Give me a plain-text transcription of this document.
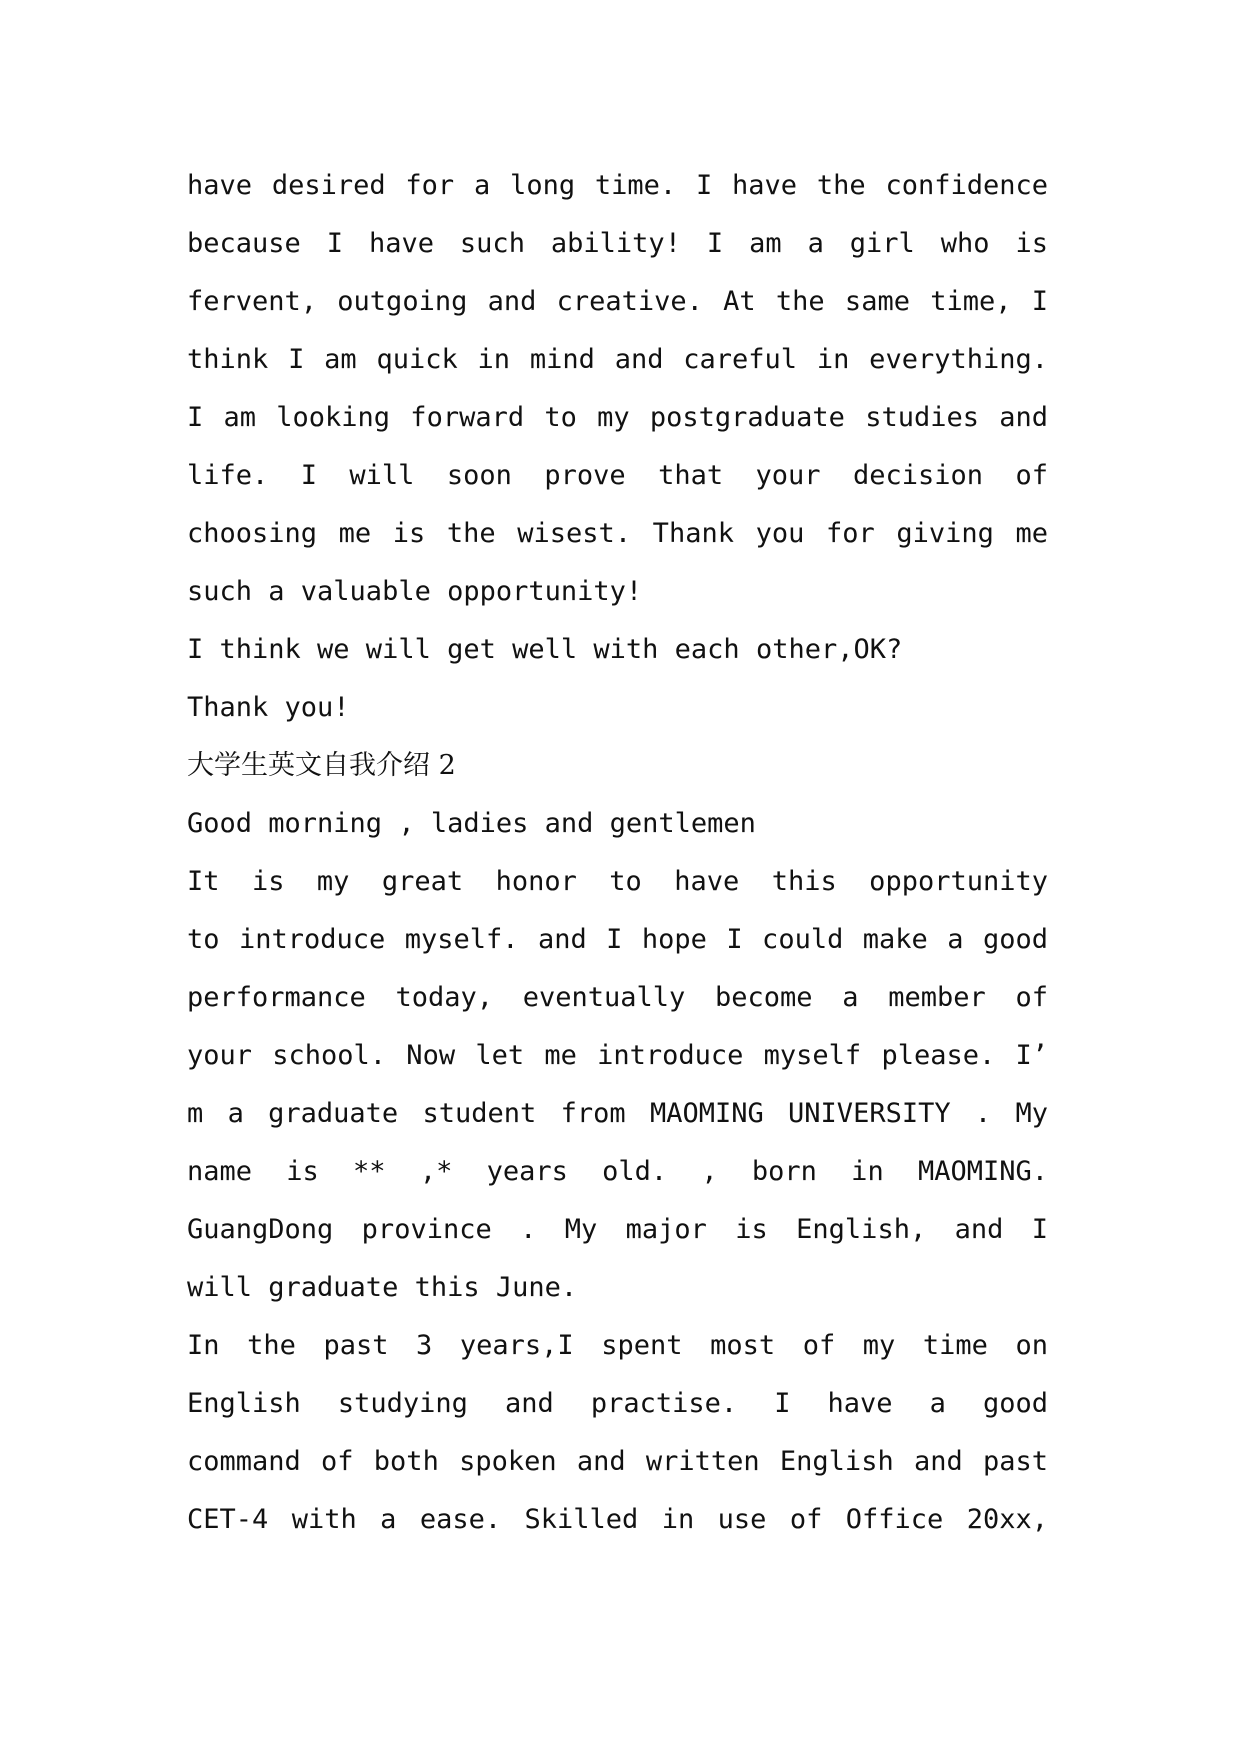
have desired for a long time. I have the confidence

because I have such ability! I am a girl who is

fervent, outgoing and creative. At the same time, I

think I am quick in mind and careful in everything.

I am looking forward to my postgraduate studies and

life. I will soon prove that your decision of

choosing me is the wisest. Thank you for giving me

such a valuable opportunity!

I think we will get well with each other,OK?

Thank you!

大学生英文自我介绍 2

Good morning , ladies and gentlemen

It is my great honor to have this opportunity

to introduce myself. and I hope I could make a good

performance today, eventually become a member of

your school. Now let me introduce myself please. I’

m a graduate student from MAOMING UNIVERSITY . My

name is ** ,* years old. , born in MAOMING.

GuangDong province . My major is English, and I

will graduate this June.

In the past 3 years,I spent most of my time on

English studying and practise. I have a good

command of both spoken and written English and past

CET-4 with a ease. Skilled in use of Office 20xx,
